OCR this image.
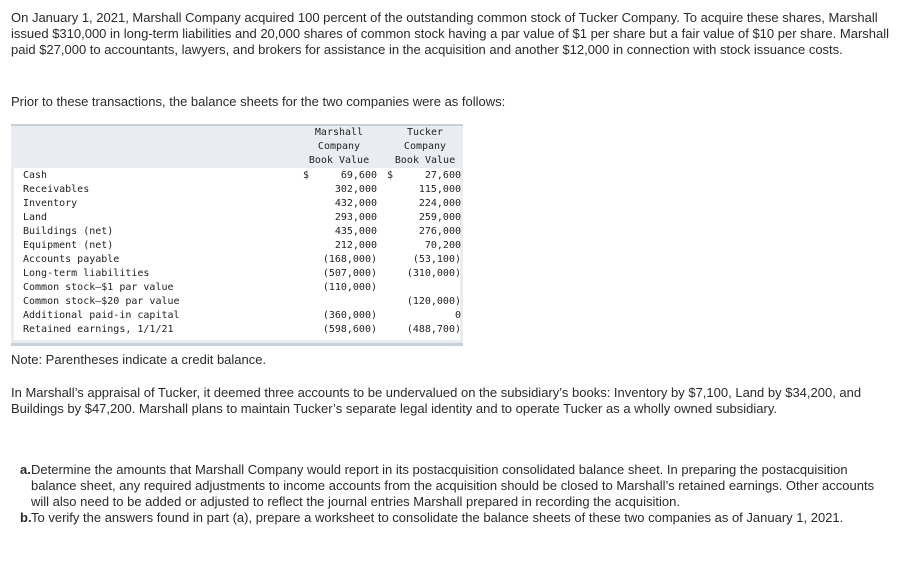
On January 1, 2021, Marshall Company acquired 100 percent of the outstanding common stock of Tucker Company. To acquire these shares, Marshall issued $310,000 in long-term liabilities and 20,000 shares of common stock having a par value of $1 per share but a fair value of $10 per share. Marshall paid $27,000 to accountants, lawyers, and brokers for assistance in the acquisition and another $12,000 in connection with stock issuance costs.

Prior to these transactions, the balance sheets for the two companies were as follows:

Marshall
Company
Book Value
Tucker
Company
Book Value
Cash	$	69,600		$	27,600
Receivables		302,000			115,000
Inventory		432,000			224,000
Land		293,000			259,000
Buildings (net)		435,000			276,000
Equipment (net)		212,000			70,200
Accounts payable		(168,000)			(53,100)
Long-term liabilities		(507,000)			(310,000)
Common stock—$1 par value		(110,000)			
Common stock—$20 par value					(120,000)
Additional paid-in capital		(360,000)			0
Retained earnings, 1/1/21		(598,600)			(488,700)

Note: Parentheses indicate a credit balance.

In Marshall’s appraisal of Tucker, it deemed three accounts to be undervalued on the subsidiary’s books: Inventory by $7,100, Land by $34,200, and Buildings by $47,200. Marshall plans to maintain Tucker’s separate legal identity and to operate Tucker as a wholly owned subsidiary.

a. Determine the amounts that Marshall Company would report in its postacquisition consolidated balance sheet. In preparing the postacquisition balance sheet, any required adjustments to income accounts from the acquisition should be closed to Marshall’s retained earnings. Other accounts will also need to be added or adjusted to reflect the journal entries Marshall prepared in recording the acquisition.
b. To verify the answers found in part (a), prepare a worksheet to consolidate the balance sheets of these two companies as of January 1, 2021.
